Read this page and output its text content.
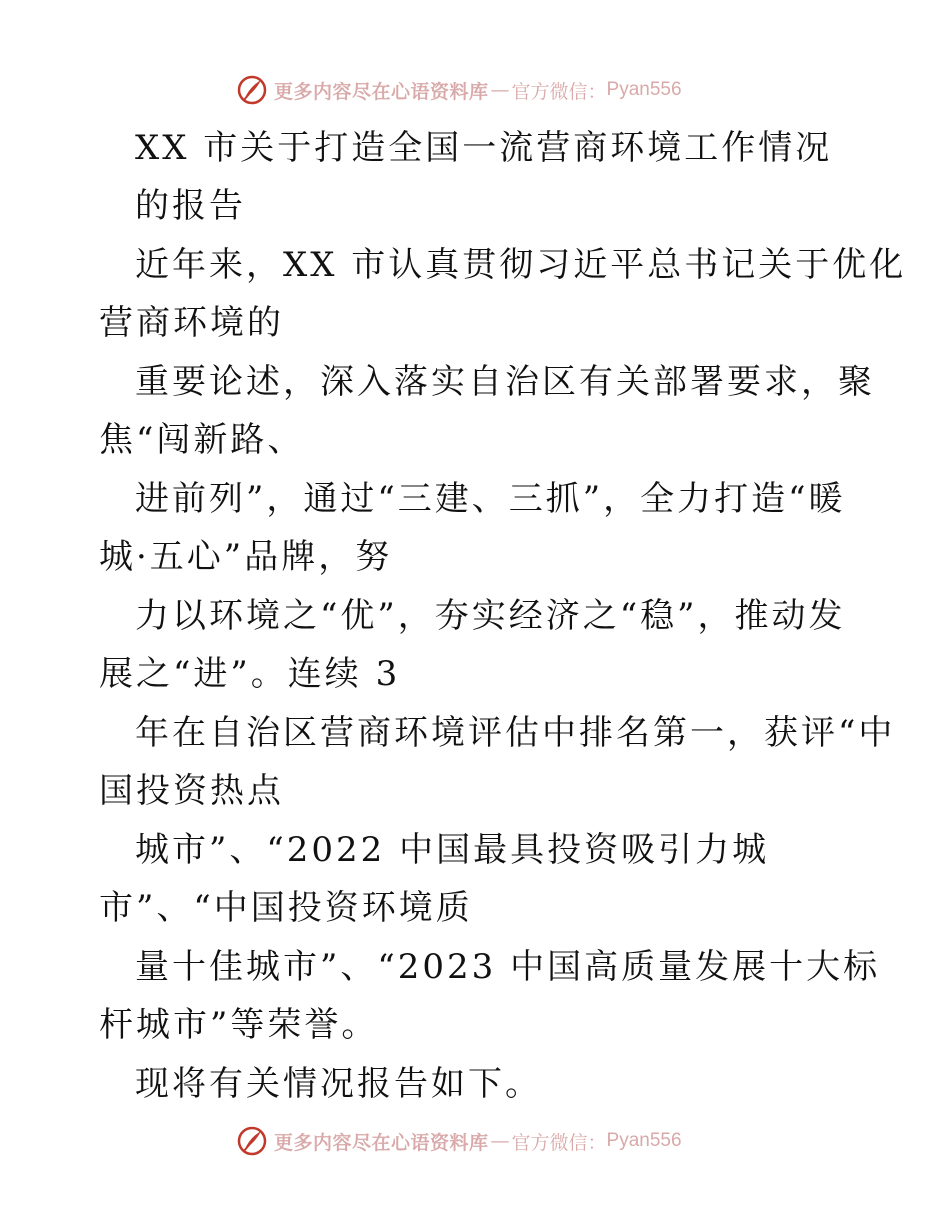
更多内容尽在心语资料库 — 官方微信： Pyan556

XX 市关于打造全国一流营商环境工作情况

的报告

近年来，XX 市认真贯彻习近平总书记关于优化

营商环境的

重要论述，深入落实自治区有关部署要求，聚

焦“闯新路、

进前列”，通过“三建、三抓”，全力打造“暖

城·五心”品牌，努

力以环境之“优”，夯实经济之“稳”，推动发

展之“进”。连续 3

年在自治区营商环境评估中排名第一，获评“中

国投资热点

城市”、“2022 中国最具投资吸引力城

市”、“中国投资环境质

量十佳城市”、“2023 中国高质量发展十大标

杆城市”等荣誉。

现将有关情况报告如下。

更多内容尽在心语资料库 — 官方微信： Pyan556
